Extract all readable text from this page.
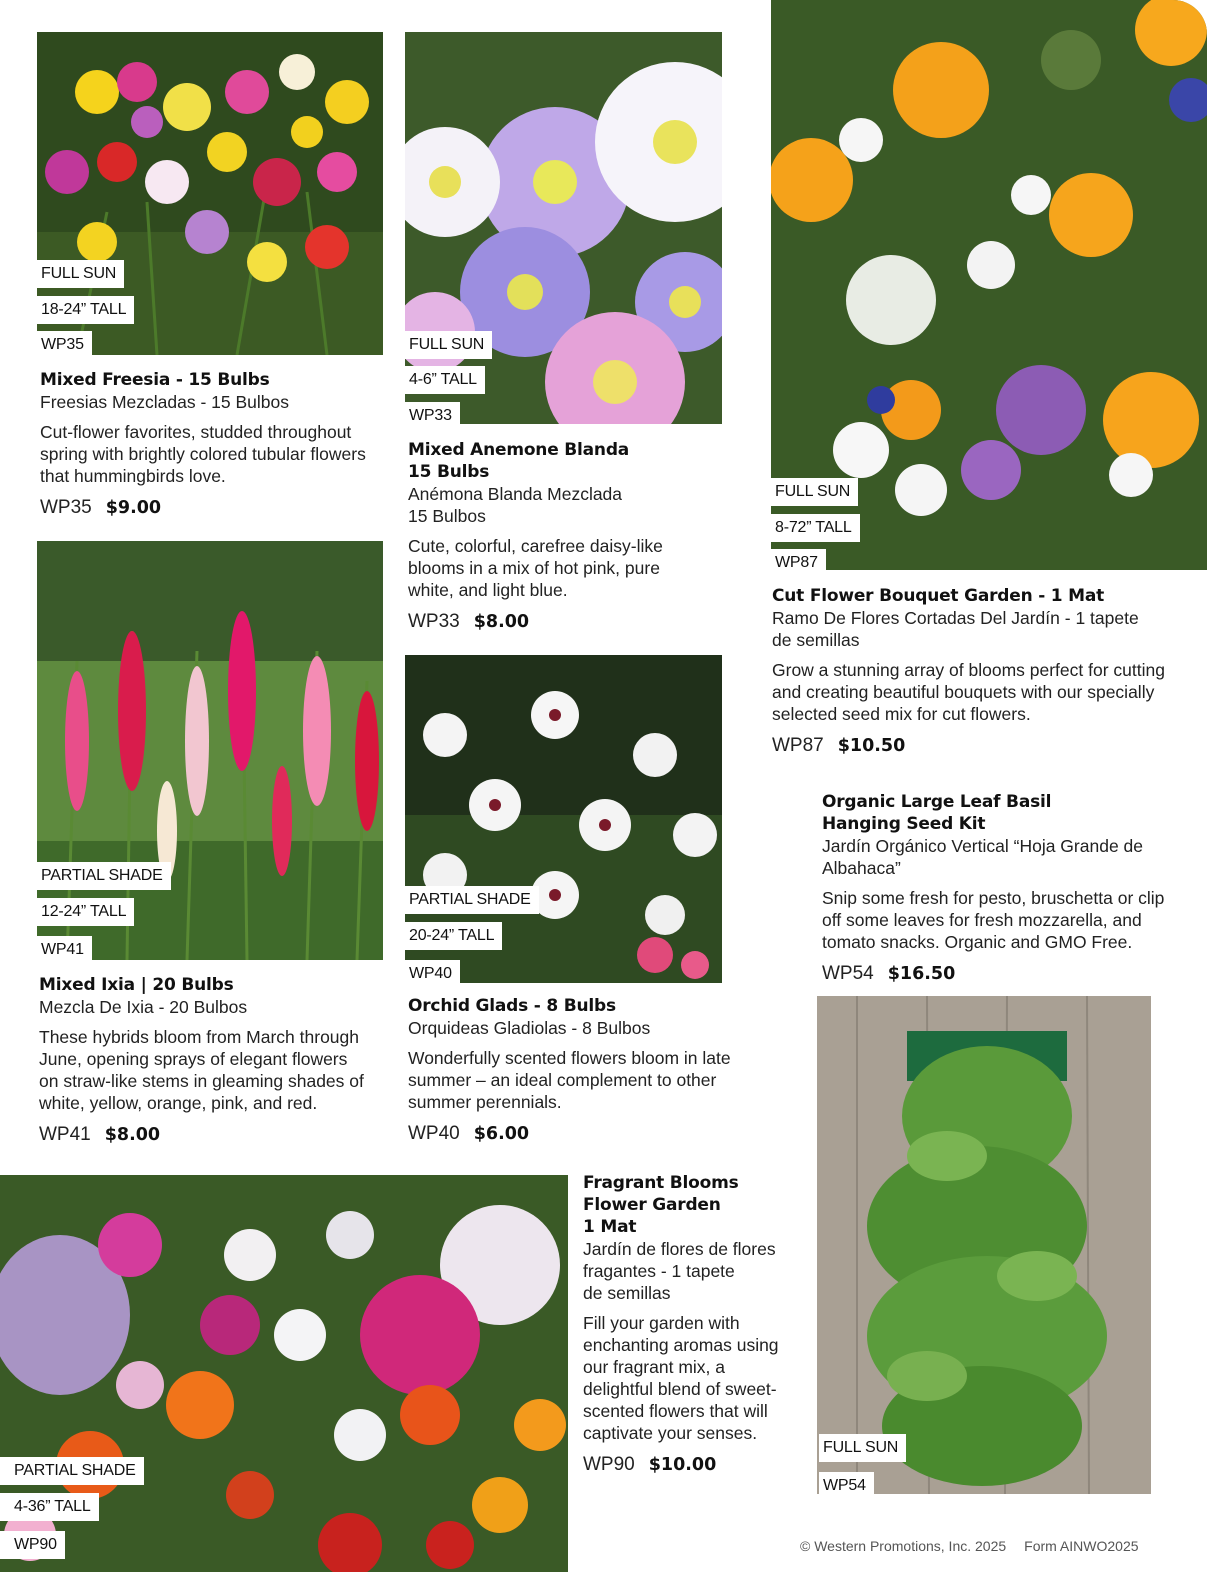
FULL SUN
18-24” TALL
WP35	FULL SUN
4-6” TALL
WP33
FULL SUN
8-72” TALL
WP87
PARTIAL SHADE
12-24” TALL
WP41
PARTIAL SHADE
20-24” TALL
WP40
FULL SUN
WP54
PARTIAL SHADE
4-36” TALL
WP90
Mixed Freesia - 15 Bulbs
Freesias Mezcladas - 15 Bulbos
Cut-flower favorites, studded throughout
spring with brightly colored tubular flowers
that hummingbirds love.
WP35 $9.00
Mixed Anemone Blanda
15 Bulbs
Anémona Blanda Mezclada
15 Bulbos
Cute, colorful, carefree daisy-like
blooms in a mix of hot pink, pure
white, and light blue.
WP33 $8.00
Cut Flower Bouquet Garden - 1 Mat
Ramo De Flores Cortadas Del Jardín - 1 tapete
de semillas
Grow a stunning array of blooms perfect for cutting
and creating beautiful bouquets with our specially
selected seed mix for cut flowers.
WP87 $10.50
Mixed Ixia | 20 Bulbs
Mezcla De Ixia - 20 Bulbos
These hybrids bloom from March through
June, opening sprays of elegant flowers
on straw-like stems in gleaming shades of
white, yellow, orange, pink, and red.
WP41 $8.00
Orchid Glads - 8 Bulbs
Orquideas Gladiolas - 8 Bulbos
Wonderfully scented flowers bloom in late
summer – an ideal complement to other
summer perennials.
WP40 $6.00
Organic Large Leaf Basil
Hanging Seed Kit
Jardín Orgánico Vertical “Hoja Grande de
Albahaca”
Snip some fresh for pesto, bruschetta or clip
off some leaves for fresh mozzarella, and
tomato snacks. Organic and GMO Free.
WP54 $16.50
Fragrant Blooms
Flower Garden
1 Mat
Jardín de flores de flores
fragantes - 1 tapete
de semillas
Fill your garden with
enchanting aromas using
our fragrant mix, a
delightful blend of sweet-
scented flowers that will
captivate your senses.
WP90 $10.00
© Western Promotions, Inc. 2025 Form AINWO2025
